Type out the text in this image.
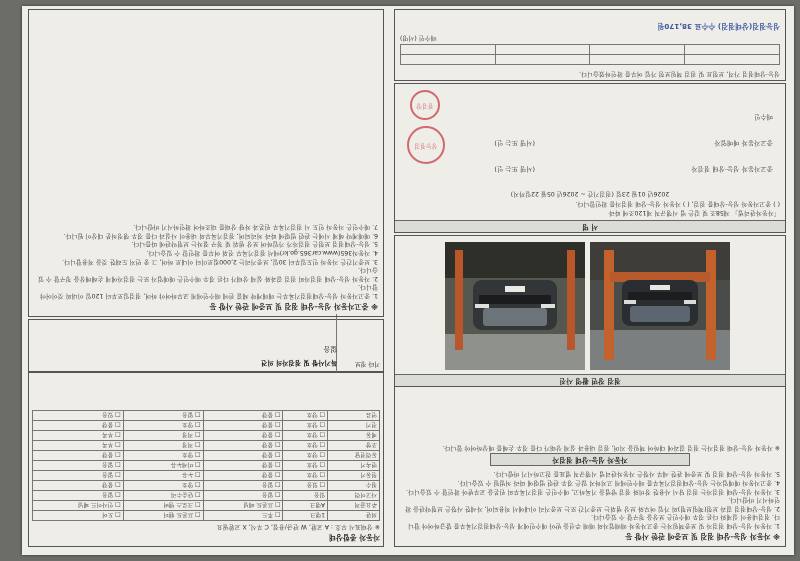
※ 자동차 성능·상태 점검 및 보증에 관한 사항 등

1. 자동차 성능·상태 점검자 및 보증책임자는 중고자동차 매매업자의 매매 주선을 받아 매수인에게 성능·상태점검기록부를 발급하여야 합니다. 점검내용이 실제와 다른 경우 매수인은 보상을 청구할 수 있습니다.

2. 성능·상태점검 결과 보험(책임보험)의 가입 여부와 보상 범위는 보증기간 또는 보증거리 이내에서 적용되며, 자세한 사항은 보험약관을 확인하시기 바랍니다.

3. 자동차 성능·상태 점검자는 점검 당시 사용한 장비와 점검 방법을 기록하고, 매수인은 점검기록부의 원본을 교부받아 확인할 수 있습니다.

4. 중고자동차 매매업자는 성능·상태점검기록부를 매수인에게 고지하지 않은 경우 관련 법령에 따라 처벌될 수 있습니다.

5. 자동차 성능·상태 점검 및 보증에 관한 세부 사항은 자동차관리법 시행규칙 별표를 참고하시기 바랍니다.

자동차 성능·상태 점검자

※ 자동차 성능·상태 점검자는 점검 결과에 대하여 책임을 지며, 점검 내용과 실제 상태가 다를 경우 손해를 배상하여야 합니다.

점검 장면 촬영 사진
서 명

「자동차관리법」 제58조 및 같은 법 시행규칙 제120조에 따라

( ) 중고자동차 성능·상태를 점검, ( ) 자동차 성능·상태 점검자를 확인합니다.

2026년 01월 23일 (점검기간 ~ 2026년 05월 22일까지)

중고자동차 성능·상태 점검자
(서명 또는 인)
중고자동차 매매업자
(서명 또는 인)
매수인
성능점검
점검장

성능·상태점검 가격, 보험료 및 점검 책임보험 가입 여부를 확인하였습니다.

매수인 (서명)

성능점검(상태점검) 수수료 38,170원

자동차 종합상태

※ 상태표시 부호 : A 교환, W 판금/용접, C 부식, X 교환필요

외판	1랭크	□ 후드	□ 프론트 휀더	□ 도어
주요골격	A랭크	□ 프론트 패널	□ 크로스 멤버	□ 인사이드 패널
사고이력	있음	□ 없음	□ 단순수리	□ 없음
침수	□ 있음	□ 없음	□ 양호	□ 불량
원동기	□ 양호	□ 불량	□ 누유	□ 없음
변속기	□ 양호	□ 불량	□ 미세누유	□ 없음
동력전달	□ 양호	□ 불량	□ 양호	□ 불량
조향	□ 양호	□ 불량	□ 적정	□ 부족
제동	□ 양호	□ 불량	□ 적정	□ 부족
전기	□ 양호	□ 불량	□ 양호	□ 불량
연료	□ 양호	□ 불량	□ 없음	□ 있음
기타 정보
특기사항 및 점검자의 의견
없음

※ 중고자동차 성능·상태 점검 및 보증에 관한 사항 등

1. 중고자동차 성능·상태점검기록부는 매매계약 체결 전에 매수인에게 교부하여야 하며, 점검일로부터 120일 이내의 것이어야 합니다.

2. 자동차 성능·상태 점검자의 점검 결과와 실제 상태가 다른 경우 매수인은 매매업자 또는 점검자에게 손해배상을 청구할 수 있습니다.

3. 보증기간은 자동차 인도일부터 30일, 보증거리는 2,000킬로미터 이내로 하며, 그 중 먼저 도래한 것을 적용합니다.

4. 자동차365(www.car365.go.kr)에서 점검기록부 진위 여부를 확인할 수 있습니다.

5. 성능·상태점검 보험은 점검자가 가입하며 보상 범위 및 청구 절차는 보험약관에 따릅니다.

6. 매매계약 해제 시에는 관련 법령에 따라 처리되며, 점검기록부의 내용이 사실과 다를 경우 행정처분 대상이 됩니다.

7. 매수인은 자동차 인도 시 점검기록부 원본과 차량 상태를 대조하여 확인하시기 바랍니다.
